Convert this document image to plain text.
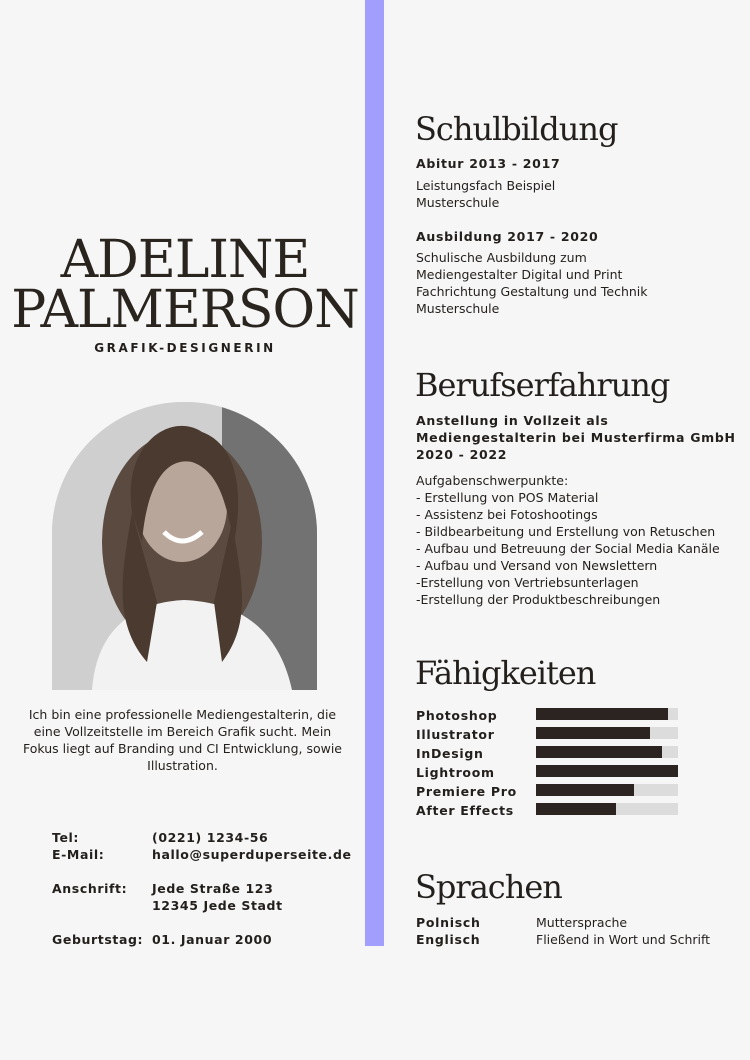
ADELINE
PALMERSON
GRAFIK-DESIGNERIN
Ich bin eine professionelle Mediengestalterin, die eine Vollzeitstelle im Bereich Grafik sucht. Mein Fokus liegt auf Branding und CI Entwicklung, sowie Illustration.
Tel:	(0221) 1234-56
E-Mail:	hallo@superduperseite.de
Anschrift: Jede Straße 123
12345 Jede Stadt
Geburtstag: 01. Januar 2000
Schulbildung
Abitur 2013 - 2017
Leistungsfach Beispiel
Musterschule
Ausbildung 2017 - 2020
Schulische Ausbildung zum
Mediengestalter Digital und Print
Fachrichtung Gestaltung und Technik
Musterschule
Berufserfahrung
Anstellung in Vollzeit als
Mediengestalterin bei Musterfirma GmbH
2020 - 2022
Aufgabenschwerpunkte:
- Erstellung von POS Material
- Assistenz bei Fotoshootings
- Bildbearbeitung und Erstellung von Retuschen
- Aufbau und Betreuung der Social Media Kanäle
- Aufbau und Versand von Newslettern
-Erstellung von Vertriebsunterlagen
-Erstellung der Produktbeschreibungen
Fähigkeiten
Photoshop
Illustrator
InDesign
Lightroom
Premiere Pro
After Effects
Sprachen
Polnisch	Muttersprache
Englisch	Fließend in Wort und Schrift
